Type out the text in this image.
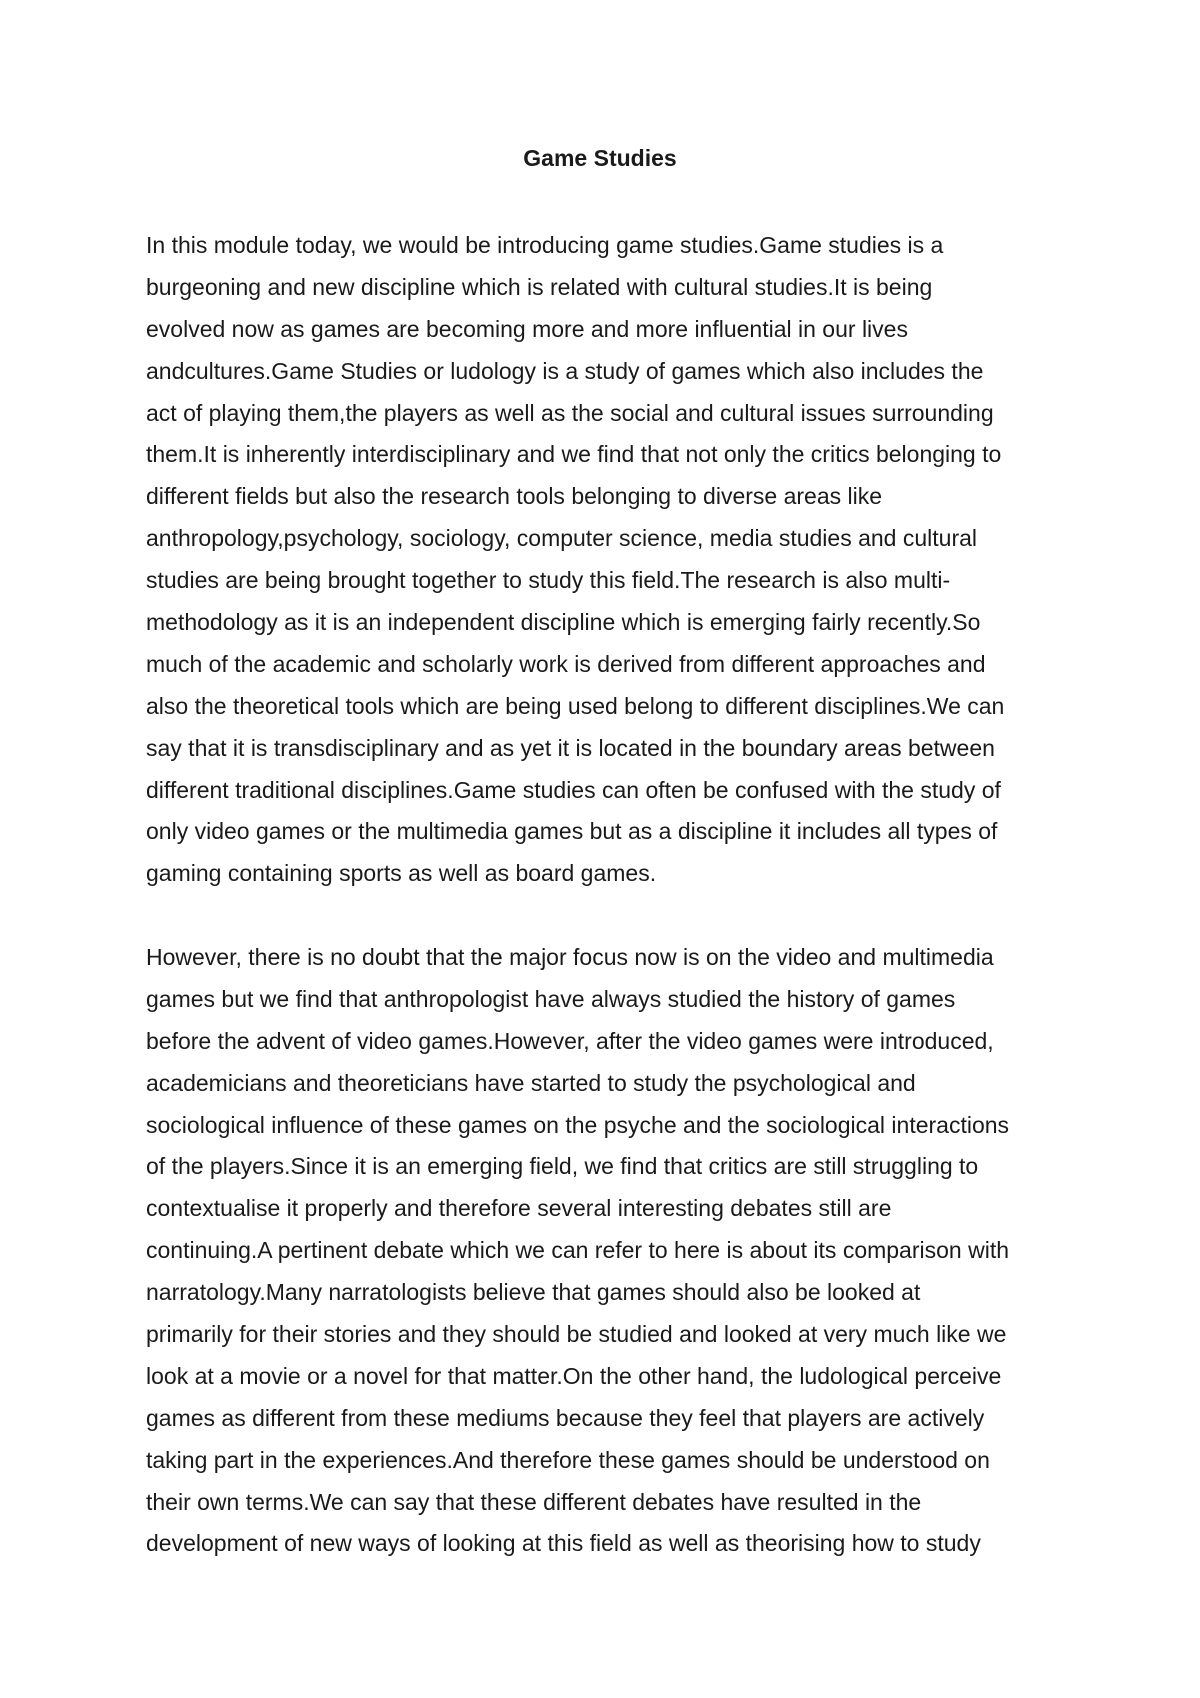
Game Studies

In this module today, we would be introducing game studies.Game studies is a
burgeoning and new discipline which is related with cultural studies.It is being
evolved now as games are becoming more and more influential in our lives
andcultures.Game Studies or ludology is a study of games which also includes the
act of playing them,the players as well as the social and cultural issues surrounding
them.It is inherently interdisciplinary and we find that not only the critics belonging to
different fields but also the research tools belonging to diverse areas like
anthropology,psychology, sociology, computer science, media studies and cultural
studies are being brought together to study this field.The research is also multi-
methodology as it is an independent discipline which is emerging fairly recently.So
much of the academic and scholarly work is derived from different approaches and
also the theoretical tools which are being used belong to different disciplines.We can
say that it is transdisciplinary and as yet it is located in the boundary areas between
different traditional disciplines.Game studies can often be confused with the study of
only video games or the multimedia games but as a discipline it includes all types of
gaming containing sports as well as board games.

However, there is no doubt that the major focus now is on the video and multimedia
games but we find that anthropologist have always studied the history of games
before the advent of video games.However, after the video games were introduced,
academicians and theoreticians have started to study the psychological and
sociological influence of these games on the psyche and the sociological interactions
of the players.Since it is an emerging field, we find that critics are still struggling to
contextualise it properly and therefore several interesting debates still are
continuing.A pertinent debate which we can refer to here is about its comparison with
narratology.Many narratologists believe that games should also be looked at
primarily for their stories and they should be studied and looked at very much like we
look at a movie or a novel for that matter.On the other hand, the ludological perceive
games as different from these mediums because they feel that players are actively
taking part in the experiences.And therefore these games should be understood on
their own terms.We can say that these different debates have resulted in the
development of new ways of looking at this field as well as theorising how to study
